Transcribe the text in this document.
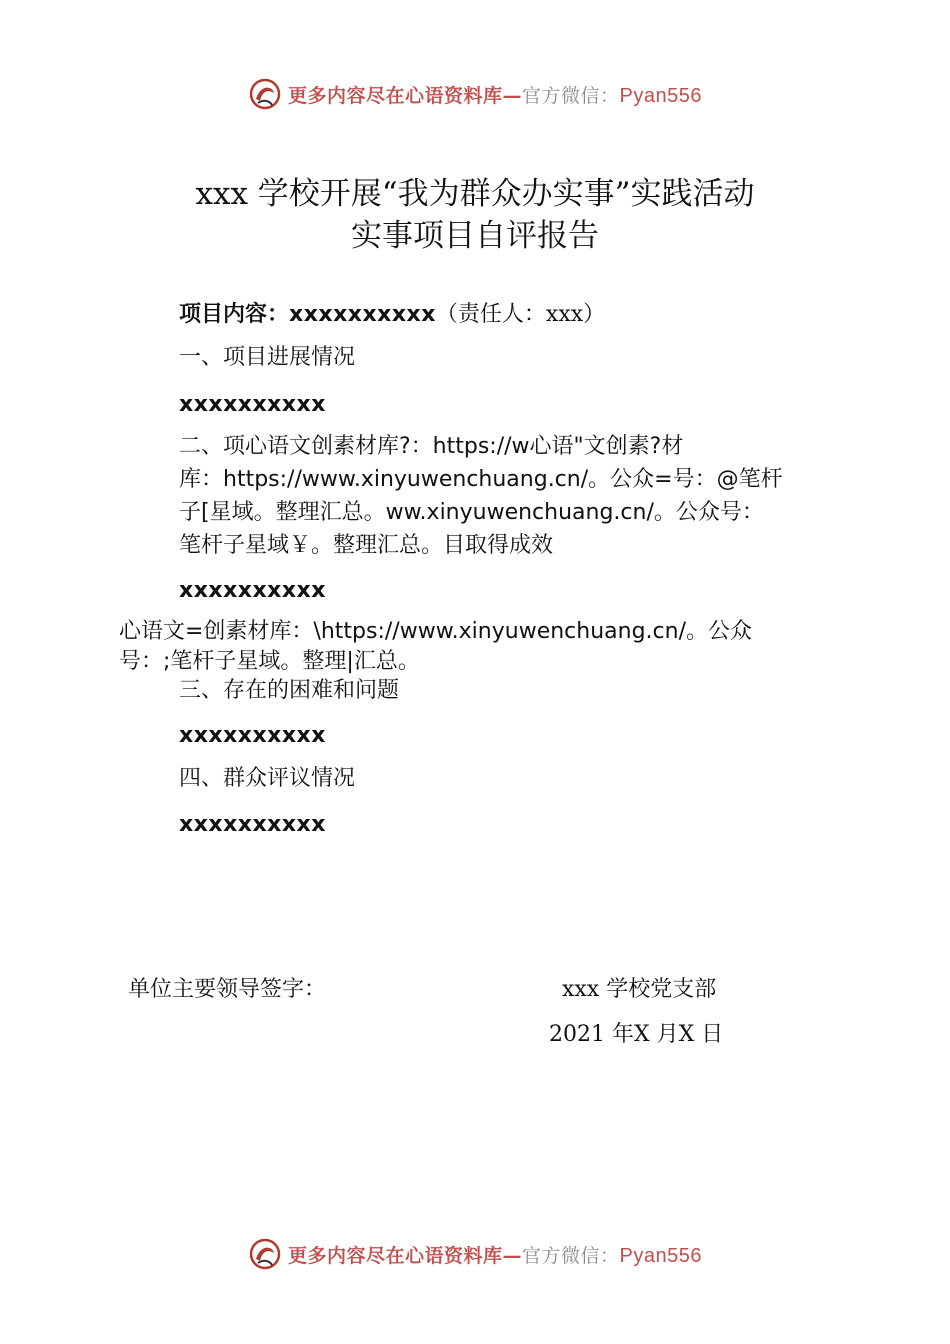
更多内容尽在心语资料库—官方微信：Pyan556
xxx 学校开展“我为群众办实事”实践活动
实事项目自评报告
项目内容：xxxxxxxxxx（责任人：xxx）
一、项目进展情况
xxxxxxxxxx
二、项心语文创素材库?：https://w心语"文创素?材
库：https://www.xinyuwenchuang.cn/。公众=号：@笔杆
子[星域。整理汇总。ww.xinyuwenchuang.cn/。公众号：
笔杆子星域￥。整理汇总。目取得成效
xxxxxxxxxx
心语文=创素材库：\https://www.xinyuwenchuang.cn/。公众
号：;笔杆子星域。整理|汇总。
三、存在的困难和问题
xxxxxxxxxx
四、群众评议情况
xxxxxxxxxx
单位主要领导签字：	xxx 学校党支部
2021 年X 月X 日
更多内容尽在心语资料库—官方微信：Pyan556
